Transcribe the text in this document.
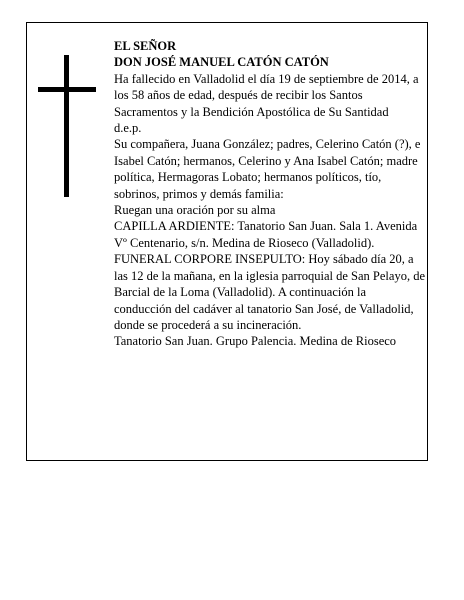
EL SEÑOR

DON JOSÉ MANUEL CATÓN CATÓN

Ha fallecido en Valladolid el día 19 de septiembre de 2014, a los 58 años de edad, después de recibir los Santos Sacramentos y la Bendición Apostólica de Su Santidad

d.e.p.

Su compañera, Juana González; padres, Celerino Catón (?), e Isabel Catón; hermanos, Celerino y Ana Isabel Catón; madre política, Hermagoras Lobato; hermanos políticos, tío, sobrinos, primos y demás familia:

Ruegan una oración por su alma

CAPILLA ARDIENTE: Tanatorio San Juan. Sala 1. Avenida Vº Centenario, s/n. Medina de Rioseco (Valladolid).

FUNERAL CORPORE INSEPULTO: Hoy sábado día 20, a las 12 de la mañana, en la iglesia parroquial de San Pelayo, de Barcial de la Loma (Valladolid). A continuación la conducción del cadáver al tanatorio San José, de Valladolid, donde se procederá a su incineración.

Tanatorio San Juan. Grupo Palencia. Medina de Rioseco
